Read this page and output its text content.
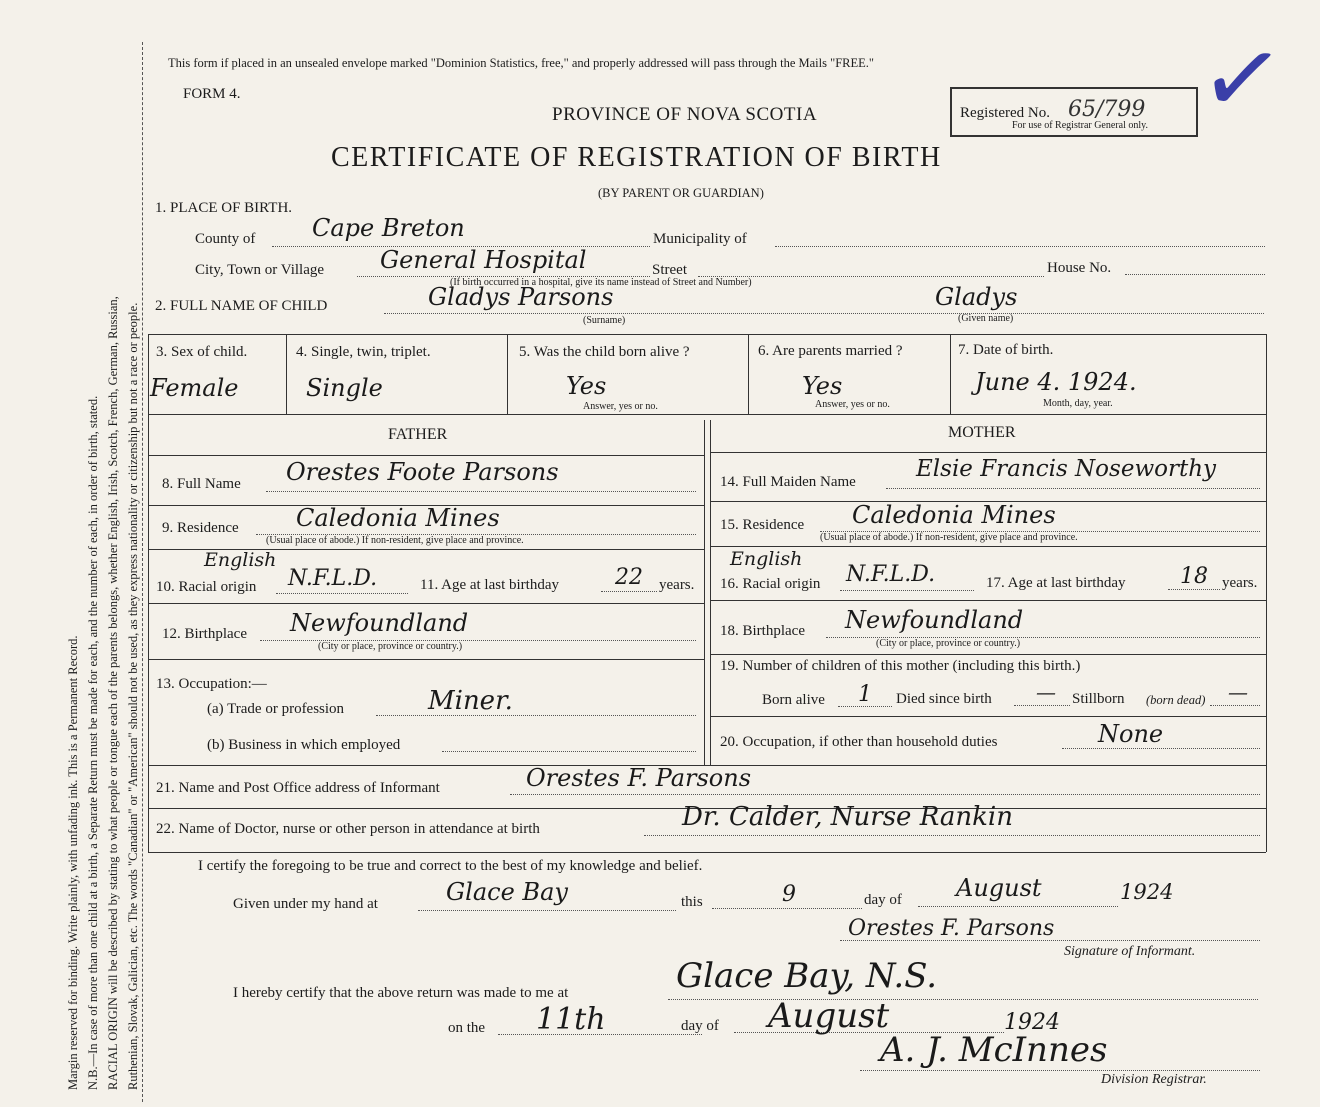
Margin reserved for binding. Write plainly, with unfading ink. This is a Permanent Record. N.B.—In case of more than one child at a birth, a Separate Return must be made for each, and the number of each, in order of birth, stated. RACIAL ORIGIN will be described by stating to what people or tongue each of the parents belongs, whether English, Irish, Scotch, French, German, Russian, Ruthenian, Slovak, Galician, etc. The words "Canadian" or "American" should not be used, as they express nationality or citizenship but not a race or people.
This form if placed in an unsealed envelope marked "Dominion Statistics, free," and properly addressed will pass through the Mails "FREE."
FORM 4.
PROVINCE OF NOVA SCOTIA	Registered No. 65/799
For use of Registrar General only. ✓
CERTIFICATE OF REGISTRATION OF BIRTH
(BY PARENT OR GUARDIAN)
1. PLACE OF BIRTH.
County of Cape Breton	Municipality of
City, Town or Village General Hospital	Street	House No.
(If birth occurred in a hospital, give its name instead of Street and Number)
2. FULL NAME OF CHILD	Gladys Parsons	Gladys
(Surname)	(Given name)
3. Sex of child.
Female
4. Single, twin, triplet.
Single
5. Was the child born alive ?
Yes
Answer, yes or no.
6. Are parents married ?
Yes
Answer, yes or no.
7. Date of birth.
June 4. 1924.
Month, day, year.
FATHER	MOTHER
8. Full Name Orestes Foote Parsons
9. Residence Caledonia Mines
(Usual place of abode.) If non-resident, give place and province.
English
10. Racial origin N.F.L.D.	11. Age at last birthday	22 years.
12. Birthplace Newfoundland
(City or place, province or country.)
13. Occupation:—
(a) Trade or profession	Miner.
(b) Business in which employed
14. Full Maiden Name	Elsie Francis Noseworthy
15. Residence Caledonia Mines
(Usual place of abode.) If non-resident, give place and province.
English
16. Racial origin N.F.L.D.	17. Age at last birthday 18 years.
18. Birthplace Newfoundland
(City or place, province or country.)
19. Number of children of this mother (including this birth.)
Born alive 1 Died since birth — Stillborn (born dead) —
20. Occupation, if other than household duties	None
21. Name and Post Office address of Informant	Orestes F. Parsons
22. Name of Doctor, nurse or other person in attendance at birth	Dr. Calder, Nurse Rankin
I certify the foregoing to be true and correct to the best of my knowledge and belief.
Given under my hand at	Glace Bay	this	9	day of August	1924
Orestes F. Parsons
Signature of Informant.
I hereby certify that the above return was made to me at	Glace Bay, N.S.
on the 11th	day of August	1924
A. J. McInnes
Division Registrar.
